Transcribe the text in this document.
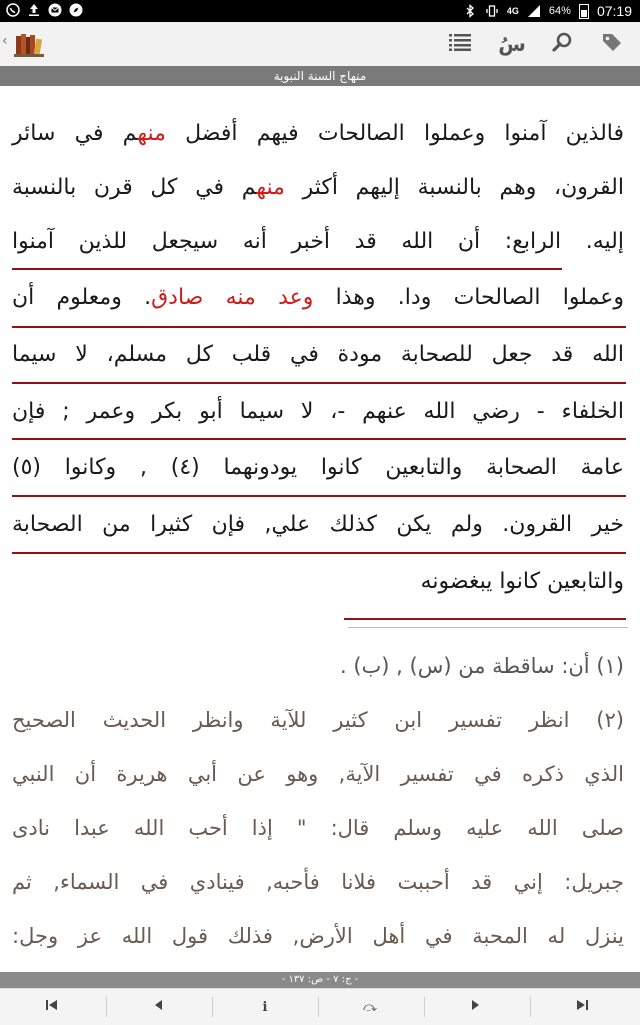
4G	64% 07:19
‹	سُ
منهاج السنة النبوية
فالذين آمنوا وعملوا الصالحات فيهم أفضل منهم في سائر
القرون، وهم بالنسبة إليهم أكثر منهم في كل قرن بالنسبة
إليه. الرابع: أن الله قد أخبر أنه سيجعل للذين آمنوا
وعملوا الصالحات ودا. وهذا وعد منه صادق. ومعلوم أن
الله قد جعل للصحابة مودة في قلب كل مسلم، لا سيما
الخلفاء - رضي الله عنهم -، لا سيما أبو بكر وعمر ; فإن
عامة الصحابة والتابعين كانوا يودونهما (٤) , وكانوا (٥)
خير القرون. ولم يكن كذلك علي, فإن كثيرا من الصحابة
والتابعين كانوا يبغضونه
(١) أن: ساقطة من (س) , (ب) .
(٢) انظر تفسير ابن كثير للآية وانظر الحديث الصحيح
الذي ذكره في تفسير الآية, وهو عن أبي هريرة أن النبي
صلى الله عليه وسلم قال: " إذا أحب الله عبدا نادى
جبريل: إني قد أحببت فلانا فأحبه, فينادي في السماء, ثم
ينزل له المحبة في أهل الأرض, فذلك قول الله عز وجل:
- ج: ٧ - ص: ١٣٧ -
i	⤼
